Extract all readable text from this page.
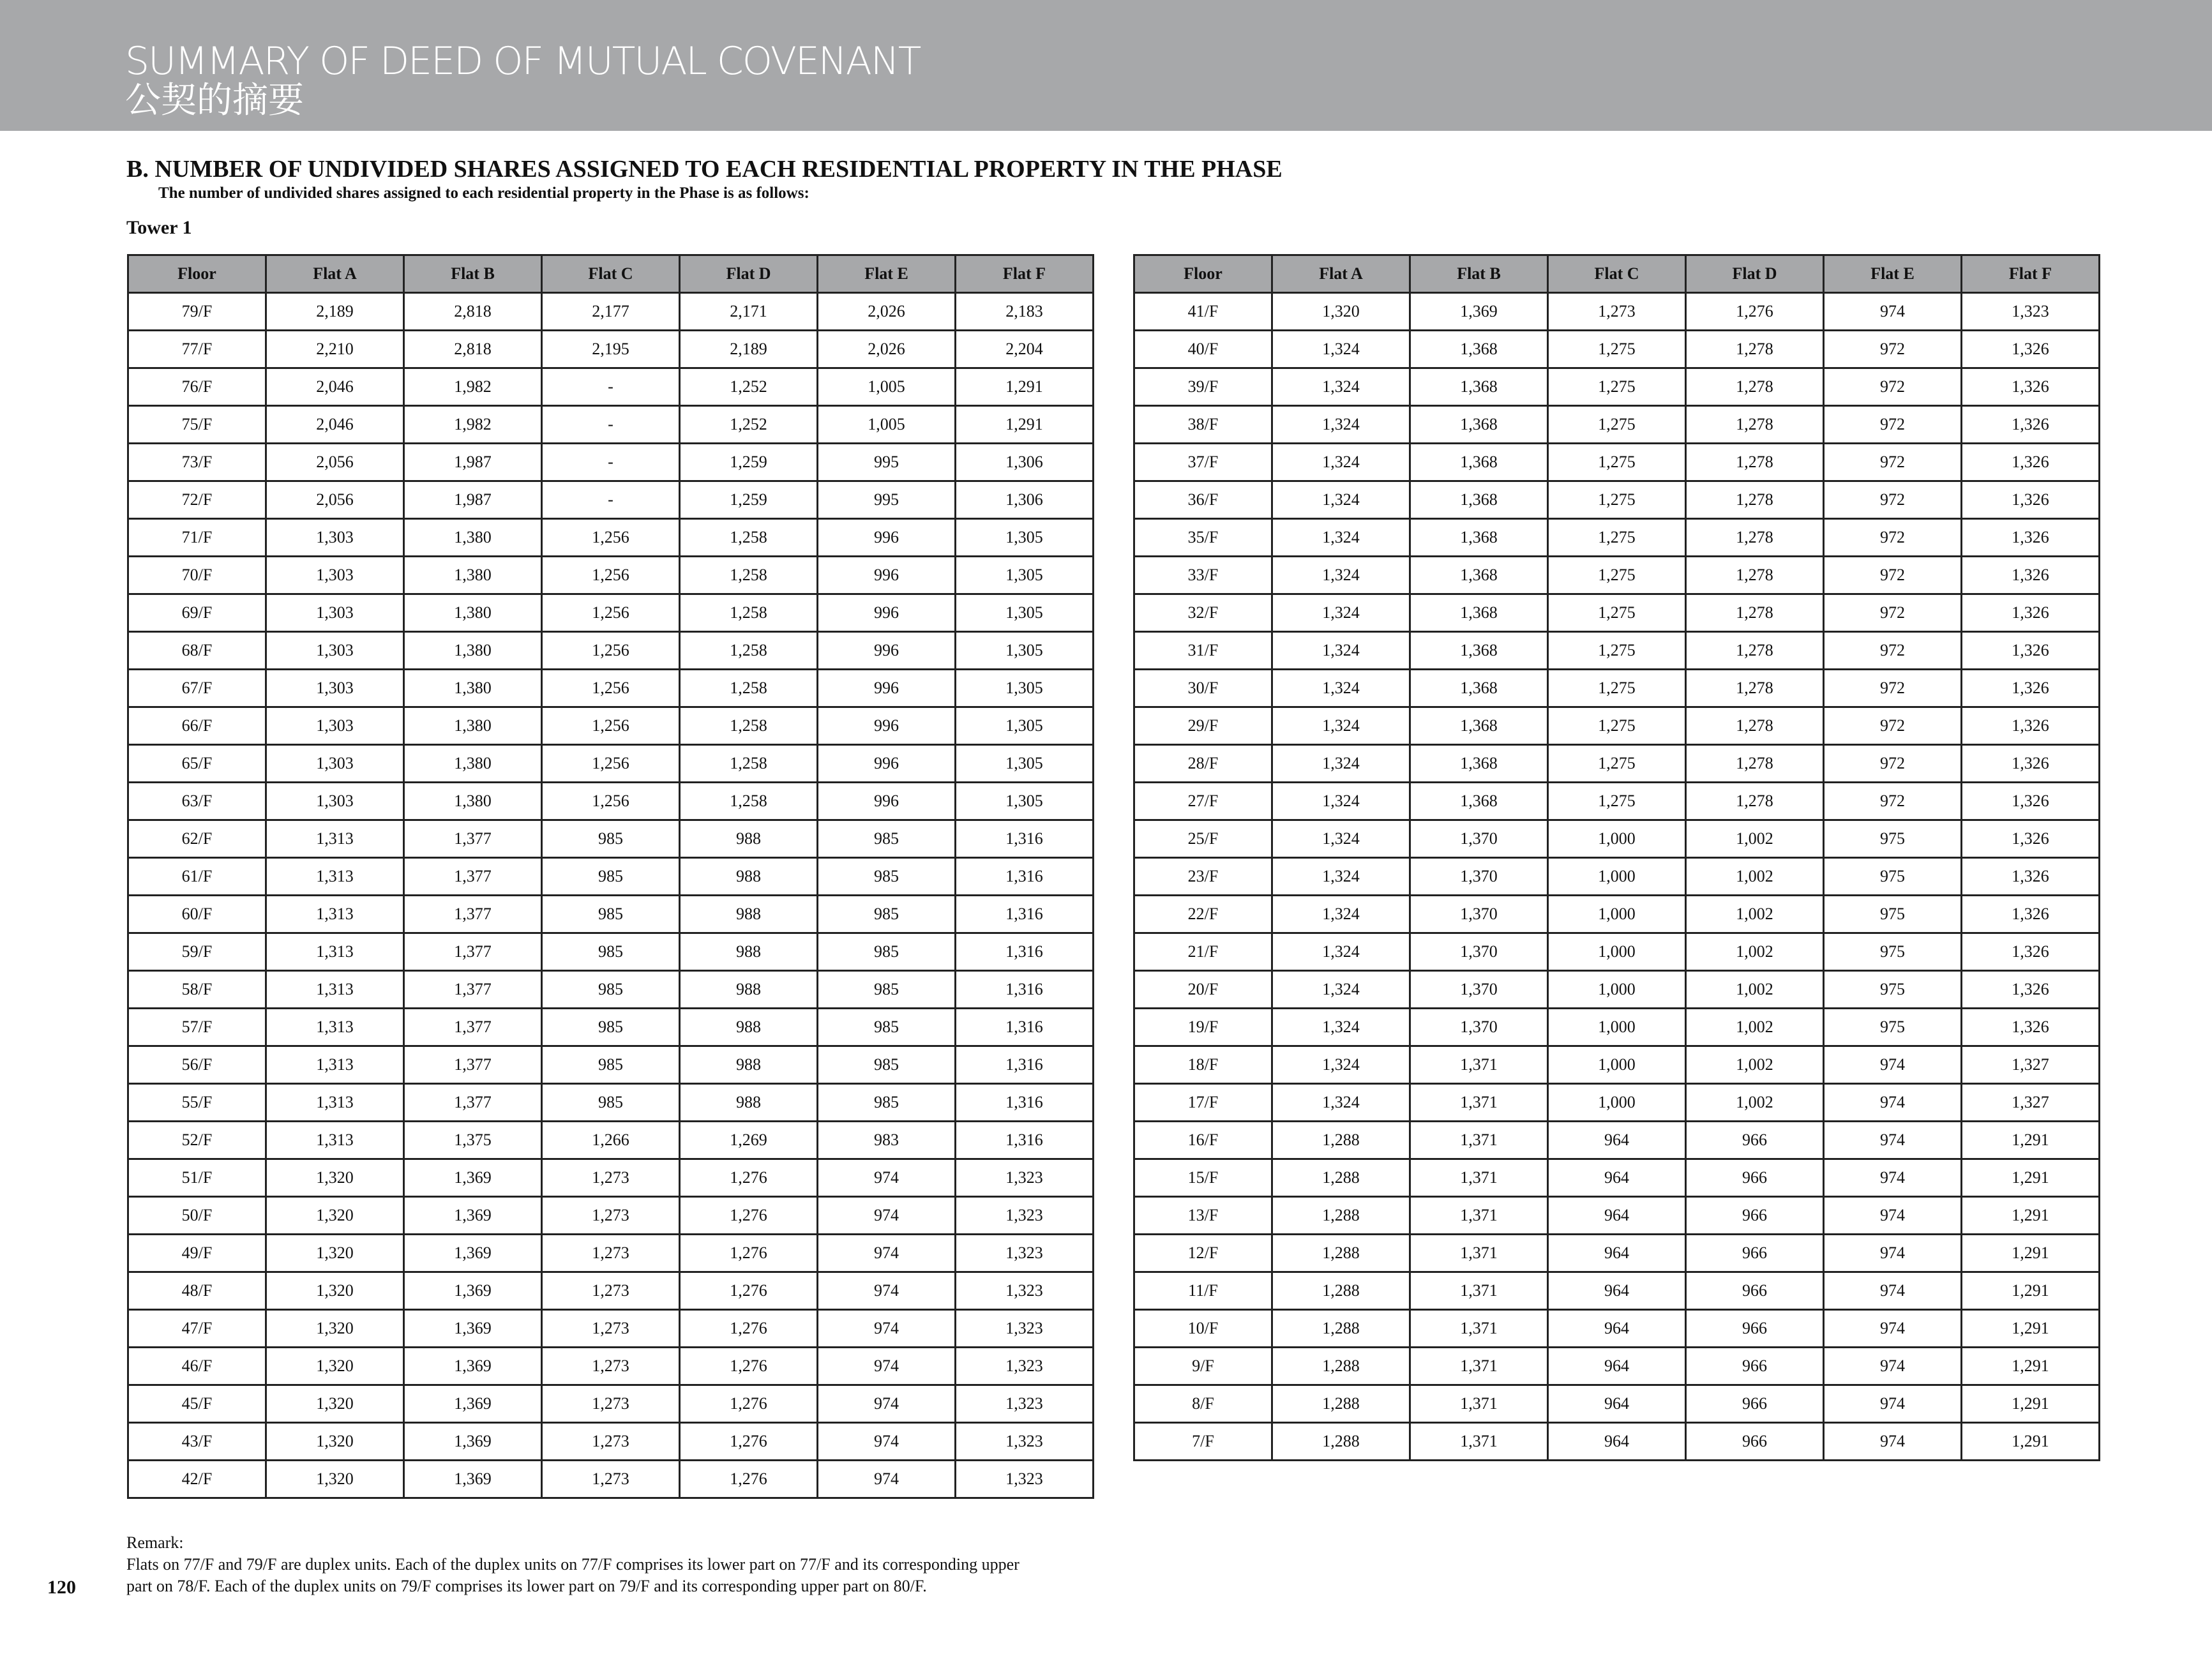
SUMMARY OF DEED OF MUTUAL COVENANT
公契的摘要
B. NUMBER OF UNDIVIDED SHARES ASSIGNED TO EACH RESIDENTIAL PROPERTY IN THE PHASE
The number of undivided shares assigned to each residential property in the Phase is as follows:
Tower 1
Floor	Flat A	Flat B	Flat C	Flat D	Flat E	Flat F
79/F	2,189	2,818	2,177	2,171	2,026	2,183
77/F	2,210	2,818	2,195	2,189	2,026	2,204
76/F	2,046	1,982	-	1,252	1,005	1,291
75/F	2,046	1,982	-	1,252	1,005	1,291
73/F	2,056	1,987	-	1,259	995	1,306
72/F	2,056	1,987	-	1,259	995	1,306
71/F	1,303	1,380	1,256	1,258	996	1,305
70/F	1,303	1,380	1,256	1,258	996	1,305
69/F	1,303	1,380	1,256	1,258	996	1,305
68/F	1,303	1,380	1,256	1,258	996	1,305
67/F	1,303	1,380	1,256	1,258	996	1,305
66/F	1,303	1,380	1,256	1,258	996	1,305
65/F	1,303	1,380	1,256	1,258	996	1,305
63/F	1,303	1,380	1,256	1,258	996	1,305
62/F	1,313	1,377	985	988	985	1,316
61/F	1,313	1,377	985	988	985	1,316
60/F	1,313	1,377	985	988	985	1,316
59/F	1,313	1,377	985	988	985	1,316
58/F	1,313	1,377	985	988	985	1,316
57/F	1,313	1,377	985	988	985	1,316
56/F	1,313	1,377	985	988	985	1,316
55/F	1,313	1,377	985	988	985	1,316
52/F	1,313	1,375	1,266	1,269	983	1,316
51/F	1,320	1,369	1,273	1,276	974	1,323
50/F	1,320	1,369	1,273	1,276	974	1,323
49/F	1,320	1,369	1,273	1,276	974	1,323
48/F	1,320	1,369	1,273	1,276	974	1,323
47/F	1,320	1,369	1,273	1,276	974	1,323
46/F	1,320	1,369	1,273	1,276	974	1,323
45/F	1,320	1,369	1,273	1,276	974	1,323
43/F	1,320	1,369	1,273	1,276	974	1,323
42/F	1,320	1,369	1,273	1,276	974	1,323
Floor	Flat A	Flat B	Flat C	Flat D	Flat E	Flat F
41/F	1,320	1,369	1,273	1,276	974	1,323
40/F	1,324	1,368	1,275	1,278	972	1,326
39/F	1,324	1,368	1,275	1,278	972	1,326
38/F	1,324	1,368	1,275	1,278	972	1,326
37/F	1,324	1,368	1,275	1,278	972	1,326
36/F	1,324	1,368	1,275	1,278	972	1,326
35/F	1,324	1,368	1,275	1,278	972	1,326
33/F	1,324	1,368	1,275	1,278	972	1,326
32/F	1,324	1,368	1,275	1,278	972	1,326
31/F	1,324	1,368	1,275	1,278	972	1,326
30/F	1,324	1,368	1,275	1,278	972	1,326
29/F	1,324	1,368	1,275	1,278	972	1,326
28/F	1,324	1,368	1,275	1,278	972	1,326
27/F	1,324	1,368	1,275	1,278	972	1,326
25/F	1,324	1,370	1,000	1,002	975	1,326
23/F	1,324	1,370	1,000	1,002	975	1,326
22/F	1,324	1,370	1,000	1,002	975	1,326
21/F	1,324	1,370	1,000	1,002	975	1,326
20/F	1,324	1,370	1,000	1,002	975	1,326
19/F	1,324	1,370	1,000	1,002	975	1,326
18/F	1,324	1,371	1,000	1,002	974	1,327
17/F	1,324	1,371	1,000	1,002	974	1,327
16/F	1,288	1,371	964	966	974	1,291
15/F	1,288	1,371	964	966	974	1,291
13/F	1,288	1,371	964	966	974	1,291
12/F	1,288	1,371	964	966	974	1,291
11/F	1,288	1,371	964	966	974	1,291
10/F	1,288	1,371	964	966	974	1,291
9/F	1,288	1,371	964	966	974	1,291
8/F	1,288	1,371	964	966	974	1,291
7/F	1,288	1,371	964	966	974	1,291
Remark:
Flats on 77/F and 79/F are duplex units. Each of the duplex units on 77/F comprises its lower part on 77/F and its corresponding upper
part on 78/F. Each of the duplex units on 79/F comprises its lower part on 79/F and its corresponding upper part on 80/F.
120
